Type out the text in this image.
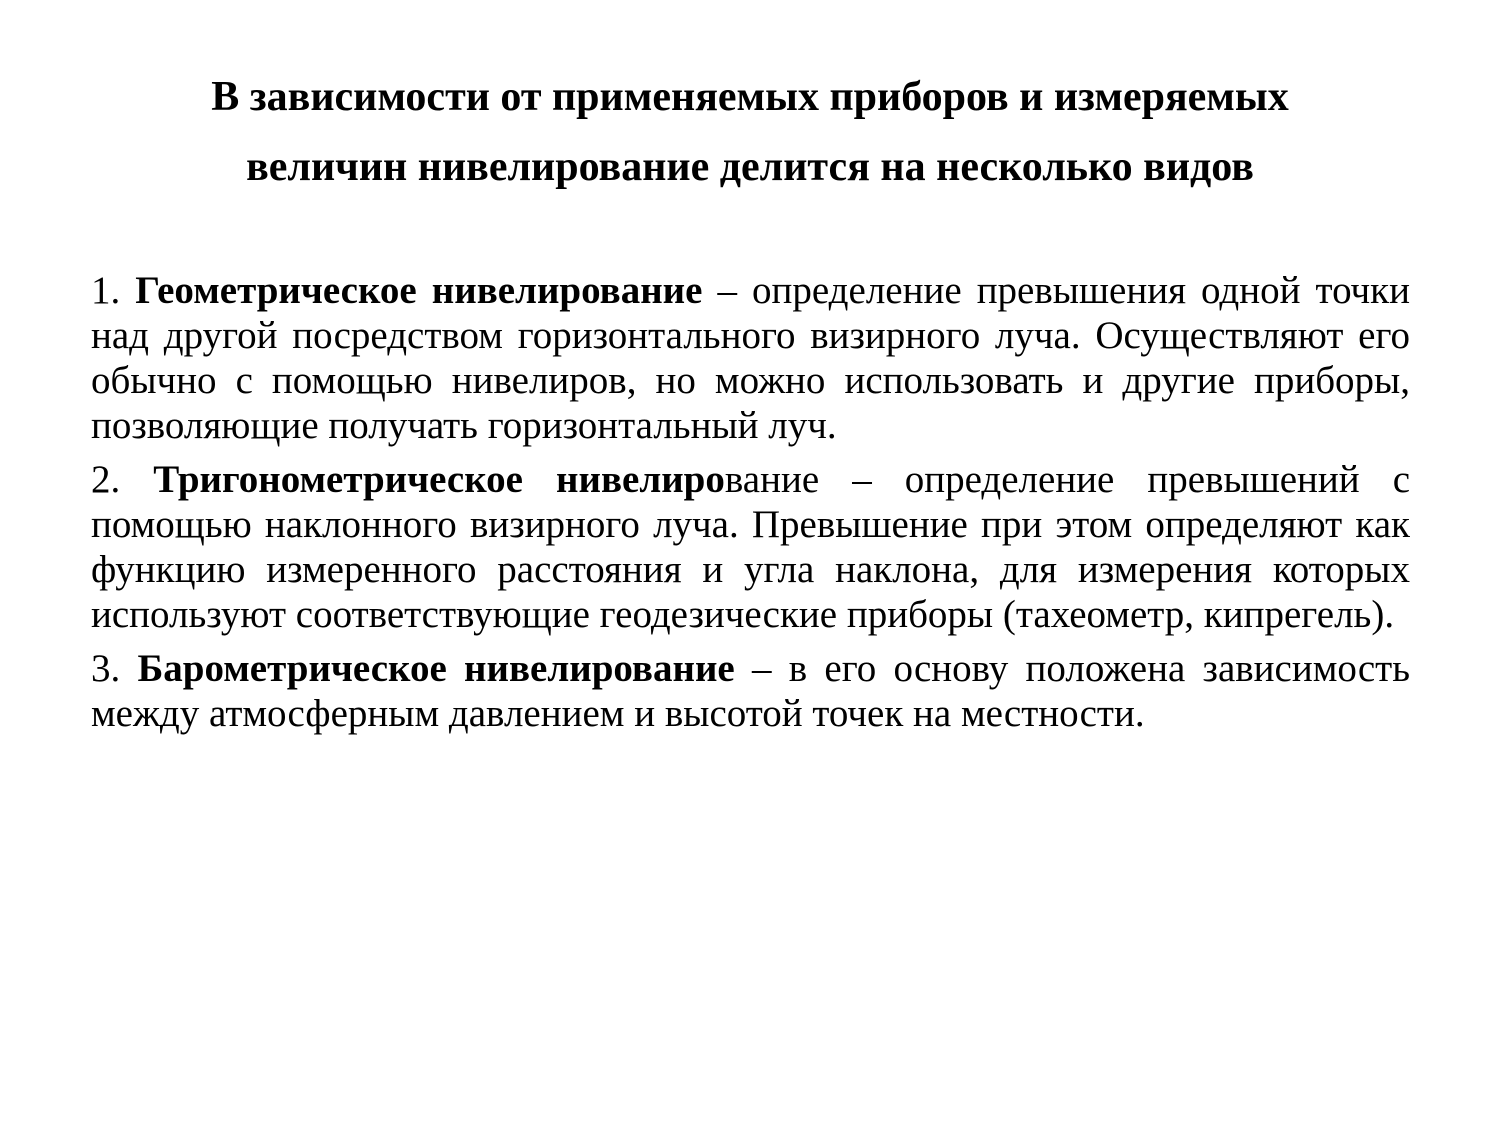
В зависимости от применяемых приборов и измеряемых
величин нивелирование делится на несколько видов

1. Геометрическое нивелирование – определение превышения одной точки над другой посредством горизонтального визирного луча. Осуществляют его обычно с помощью нивелиров, но можно использовать и другие приборы, позволяющие получать горизонтальный луч.

2. Тригонометрическое нивелирование – определение превышений с помощью наклонного визирного луча. Превышение при этом определяют как функцию измеренного расстояния и угла наклона, для измерения которых используют соответствующие геодезические приборы (тахеометр, кипрегель).

3. Барометрическое нивелирование – в его основу положена зависимость между атмосферным давлением и высотой точек на местности.
